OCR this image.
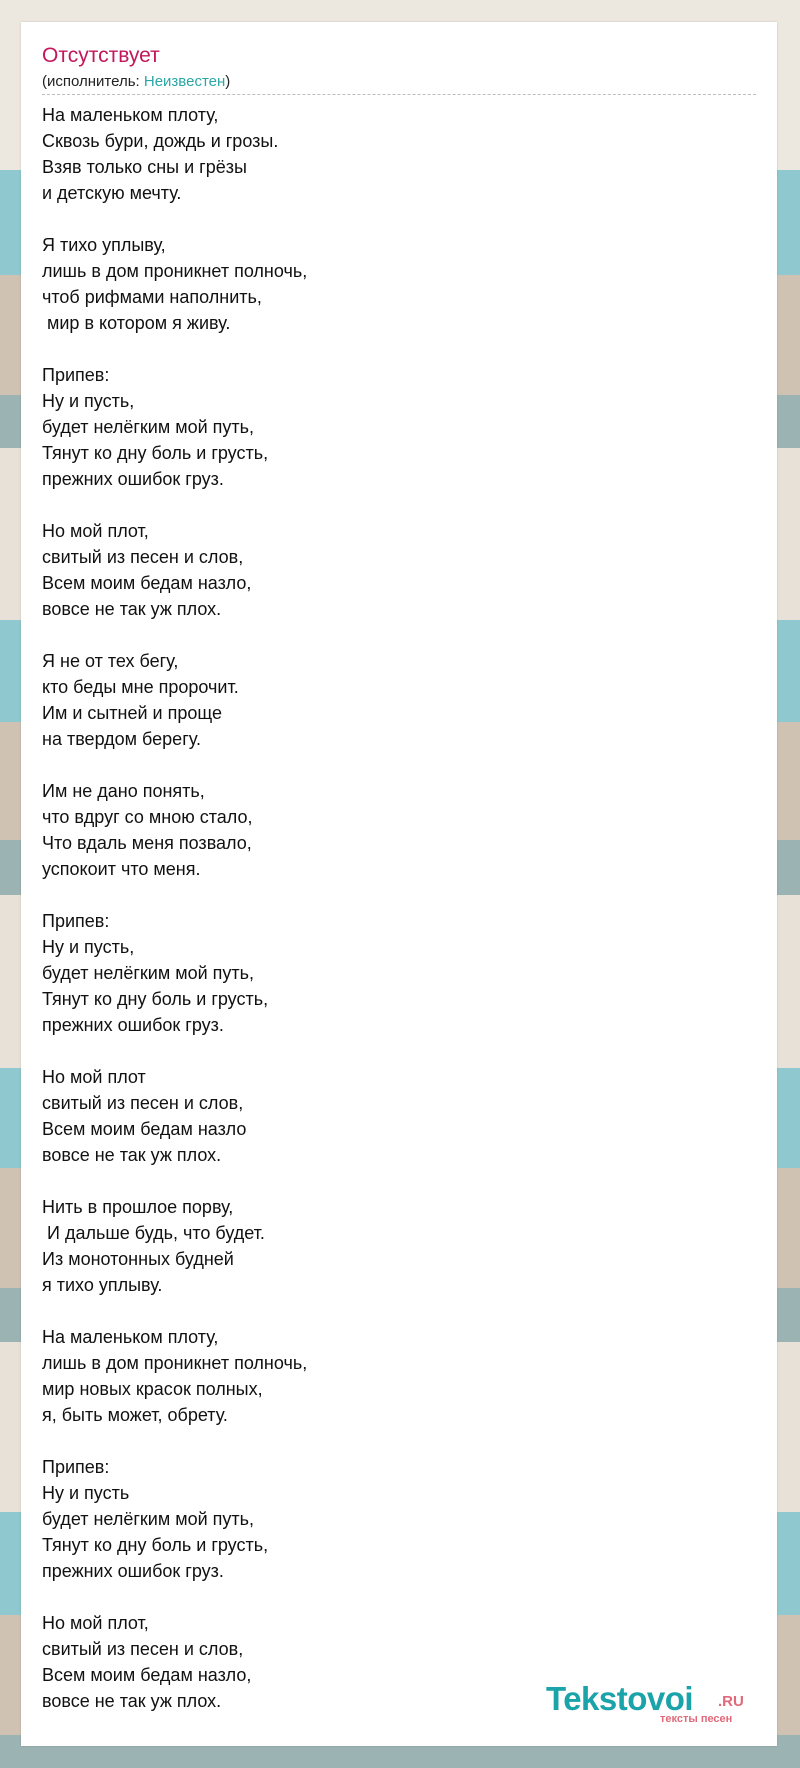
Отсутствует
(исполнитель: Неизвестен)
На маленьком плоту,
Сквозь бури, дождь и грозы.
Взяв только сны и грёзы
и детскую мечту.

Я тихо уплыву,
лишь в дом проникнет полночь,
чтоб рифмами наполнить,
мир в котором я живу.

Припев:
Ну и пусть,
будет нелёгким мой путь,
Тянут ко дну боль и грусть,
прежних ошибок груз.

Но мой плот,
свитый из песен и слов,
Всем моим бедам назло,
вовсе не так уж плох.

Я не от тех бегу,
кто беды мне пророчит.
Им и сытней и проще
на твердом берегу.

Им не дано понять,
что вдруг со мною стало,
Что вдаль меня позвало,
успокоит что меня.

Припев:
Ну и пусть,
будет нелёгким мой путь,
Тянут ко дну боль и грусть,
прежних ошибок груз.

Но мой плот
свитый из песен и слов,
Всем моим бедам назло
вовсе не так уж плох.

Нить в прошлое порву,
И дальше будь, что будет.
Из монотонных будней
я тихо уплыву.

На маленьком плоту,
лишь в дом проникнет полночь,
мир новых красок полных,
я, быть может, обрету.

Припев:
Ну и пусть
будет нелёгким мой путь,
Тянут ко дну боль и грусть,
прежних ошибок груз.

Но мой плот,
свитый из песен и слов,
Всем моим бедам назло,
вовсе не так уж плох.	Tekstovoi .RU
тексты песен
